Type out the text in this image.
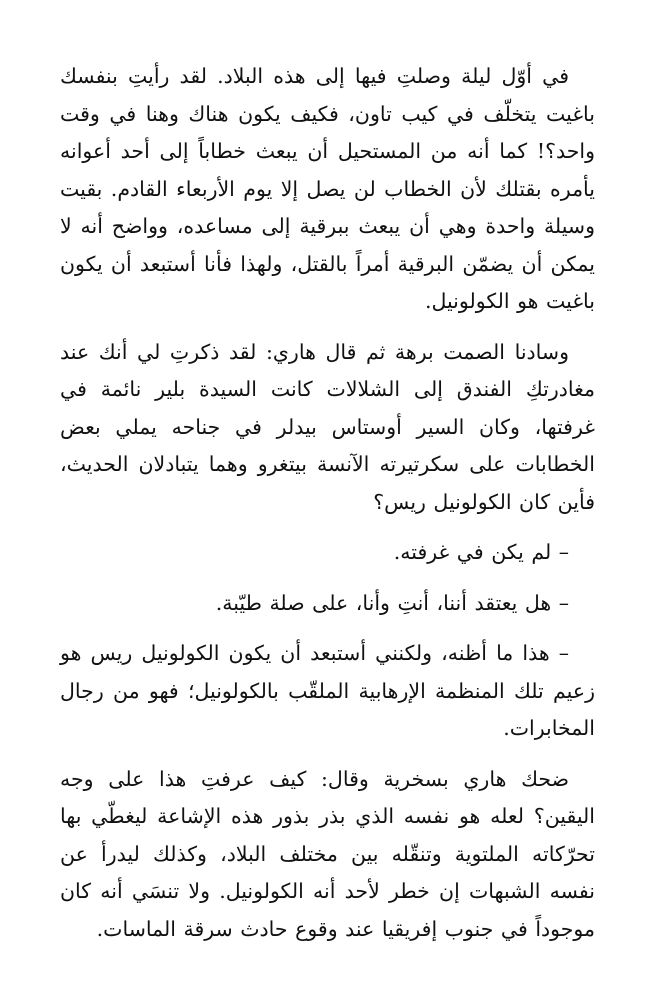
في أوّل ليلة وصلتِ فيها إلى هذه البلاد. لقد رأيتِ بنفسك باغيت يتخلّف في كيب تاون، فكيف يكون هناك وهنا في وقت واحد؟! كما أنه من المستحيل أن يبعث خطاباً إلى أحد أعوانه يأمره بقتلك لأن الخطاب لن يصل إلا يوم الأربعاء القادم. بقيت وسيلة واحدة وهي أن يبعث ببرقية إلى مساعده، وواضح أنه لا يمكن أن يضمّن البرقية أمراً بالقتل، ولهذا فأنا أستبعد أن يكون باغيت هو الكولونيل.

وسادنا الصمت برهة ثم قال هاري: لقد ذكرتِ لي أنك عند مغادرتكِ الفندق إلى الشلالات كانت السيدة بلير نائمة في غرفتها، وكان السير أوستاس بيدلر في جناحه يملي بعض الخطابات على سكرتيرته الآنسة بيتغرو وهما يتبادلان الحديث، فأين كان الكولونيل ريس؟

– لم يكن في غرفته.

– هل يعتقد أننا، أنتِ وأنا، على صلة طيّبة.

– هذا ما أظنه، ولكنني أستبعد أن يكون الكولونيل ريس هو زعيم تلك المنظمة الإرهابية الملقّب بالكولونيل؛ فهو من رجال المخابرات.

ضحك هاري بسخرية وقال: كيف عرفتِ هذا على وجه اليقين؟ لعله هو نفسه الذي بذر بذور هذه الإشاعة ليغطّي بها تحرّكاته الملتوية وتنقّله بين مختلف البلاد، وكذلك ليدرأ عن نفسه الشبهات إن خطر لأحد أنه الكولونيل. ولا تنسَي أنه كان موجوداً في جنوب إفريقيا عند وقوع حادث سرقة الماسات.
